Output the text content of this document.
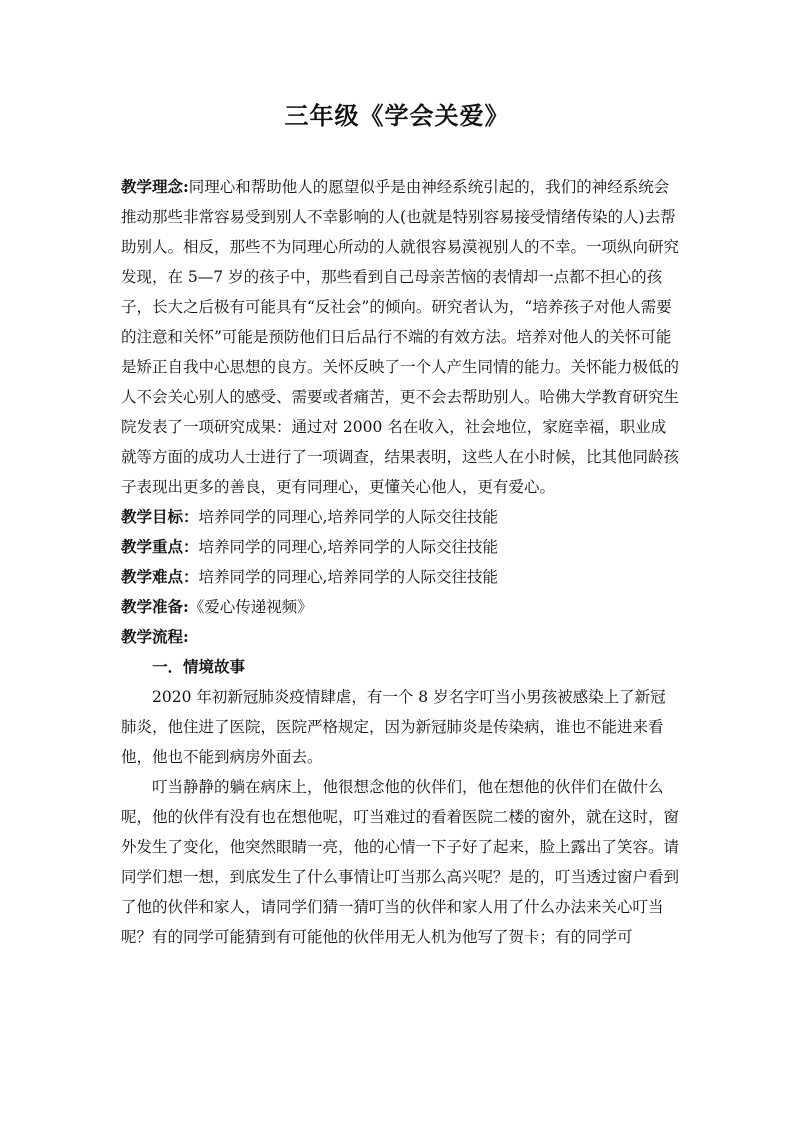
三年级《学会关爱》

教学理念:同理心和帮助他人的愿望似乎是由神经系统引起的，我们的神经系统会推动那些非常容易受到别人不幸影响的人(也就是特别容易接受情绪传染的人)去帮助别人。相反，那些不为同理心所动的人就很容易漠视别人的不幸。一项纵向研究发现，在 5—7 岁的孩子中，那些看到自己母亲苦恼的表情却一点都不担心的孩子，长大之后极有可能具有“反社会”的倾向。研究者认为，“培养孩子对他人需要的注意和关怀”可能是预防他们日后品行不端的有效方法。培养对他人的关怀可能是矫正自我中心思想的良方。关怀反映了一个人产生同情的能力。关怀能力极低的人不会关心别人的感受、需要或者痛苦，更不会去帮助别人。哈佛大学教育研究生院发表了一项研究成果：通过对 2000 名在收入，社会地位，家庭幸福，职业成就等方面的成功人士进行了一项调查，结果表明，这些人在小时候，比其他同龄孩子表现出更多的善良，更有同理心，更懂关心他人，更有爱心。

教学目标：培养同学的同理心,培养同学的人际交往技能

教学重点：培养同学的同理心,培养同学的人际交往技能

教学难点：培养同学的同理心,培养同学的人际交往技能

教学准备:《爱心传递视频》

教学流程:

一．情境故事

2020 年初新冠肺炎疫情肆虐，有一个 8 岁名字叮当小男孩被感染上了新冠肺炎，他住进了医院，医院严格规定，因为新冠肺炎是传染病，谁也不能进来看他，他也不能到病房外面去。

叮当静静的躺在病床上，他很想念他的伙伴们，他在想他的伙伴们在做什么呢，他的伙伴有没有也在想他呢，叮当难过的看着医院二楼的窗外，就在这时，窗外发生了变化，他突然眼睛一亮，他的心情一下子好了起来，脸上露出了笑容。请同学们想一想，到底发生了什么事情让叮当那么高兴呢？是的，叮当透过窗户看到了他的伙伴和家人，请同学们猜一猜叮当的伙伴和家人用了什么办法来关心叮当呢？有的同学可能猜到有可能他的伙伴用无人机为他写了贺卡；有的同学可
